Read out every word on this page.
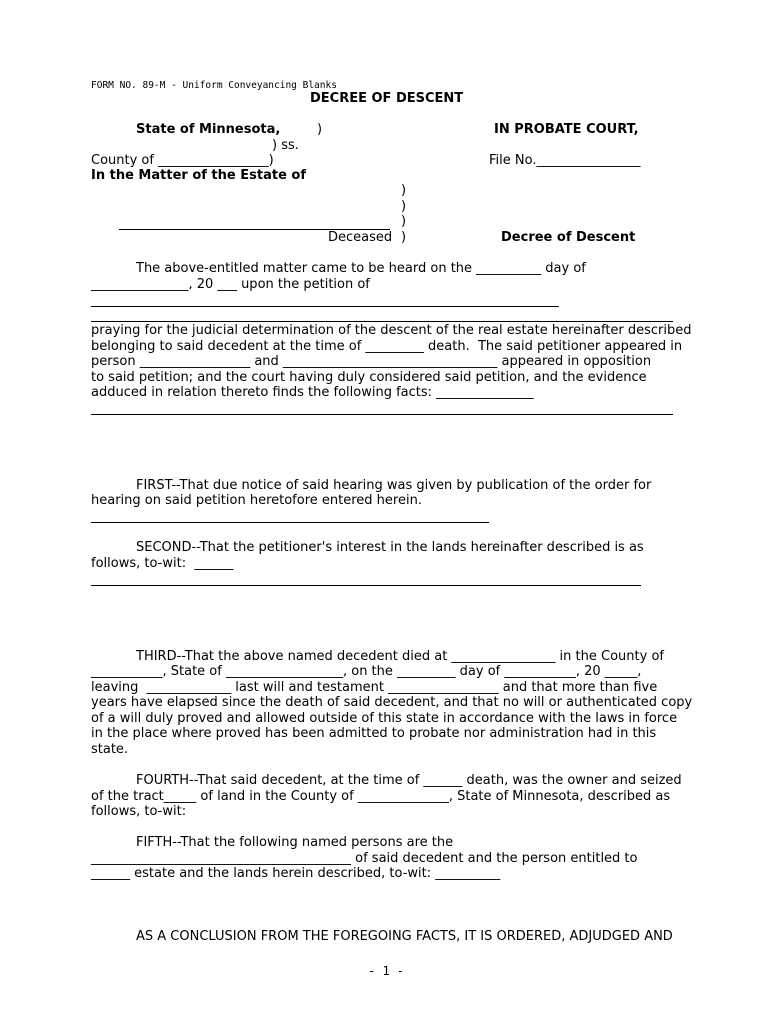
FORM NO. 89-M - Uniform Conveyancing Blanks
DECREE OF DESCENT
State of Minnesota,	)	IN PROBATE COURT,
) ss.
County of _________________)	File No.________________
In the Matter of the Estate of
)
)
)
Deceased )	Decree of Descent
The above-entitled matter came to be heard on the __________ day of
_______________, 20 ___ upon the petition of
praying for the judicial determination of the descent of the real estate hereinafter described
belonging to said decedent at the time of _________ death.  The said petitioner appeared in
person _________________ and _________________________________ appeared in opposition
to said petition; and the court having duly considered said petition, and the evidence
adduced in relation thereto finds the following facts: _______________
FIRST--That due notice of said hearing was given by publication of the order for
hearing on said petition heretofore entered herein.
SECOND--That the petitioner's interest in the lands hereinafter described is as
follows, to-wit:  ______
THIRD--That the above named decedent died at ________________ in the County of
___________, State of __________________, on the _________ day of ___________, 20 _____,
leaving  _____________ last will and testament _________________ and that more than five
years have elapsed since the death of said decedent, and that no will or authenticated copy
of a will duly proved and allowed outside of this state in accordance with the laws in force
in the place where proved has been admitted to probate nor administration had in this
state.
FOURTH--That said decedent, at the time of ______ death, was the owner and seized
of the tract_____ of land in the County of ______________, State of Minnesota, described as
follows, to-wit:
FIFTH--That the following named persons are the
________________________________________ of said decedent and the person entitled to
______ estate and the lands herein described, to-wit: __________
AS A CONCLUSION FROM THE FOREGOING FACTS, IT IS ORDERED, ADJUDGED AND
- 1 -
